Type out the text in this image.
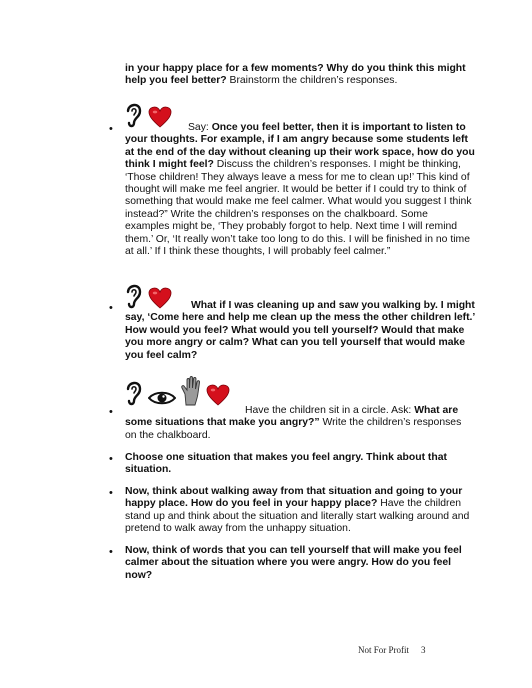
in your happy place for a few moments? Why do you think this might help you feel better? Brainstorm the children’s responses.
•	Say: Once you feel better, then it is important to listen to your thoughts. For example, if I am angry because some students left at the end of the day without cleaning up their work space, how do you think I might feel? Discuss the children’s responses. I might be thinking, ‘Those children! They always leave a mess for me to clean up!’ This kind of thought will make me feel angrier. It would be better if I could try to think of something that would make me feel calmer. What would you suggest I think instead?” Write the children’s responses on the chalkboard. Some examples might be, ‘They probably forgot to help. Next time I will remind them.’ Or, ‘It really won’t take too long to do this. I will be finished in no time at all.’ If I think these thoughts, I will probably feel calmer.”
•	What if I was cleaning up and saw you walking by. I might say, ‘Come here and help me clean up the mess the other children left.’ How would you feel? What would you tell yourself? Would that make you more angry or calm? What can you tell yourself that would make you feel calm?
•	Have the children sit in a circle. Ask: What are some situations that make you angry?” Write the children’s responses on the chalkboard.
• Choose one situation that makes you feel angry. Think about that situation.
• Now, think about walking away from that situation and going to your happy place. How do you feel in your happy place? Have the children stand up and think about the situation and literally start walking around and pretend to walk away from the unhappy situation.
• Now, think of words that you can tell yourself that will make you feel calmer about the situation where you were angry. How do you feel now?
Not For Profit 3
